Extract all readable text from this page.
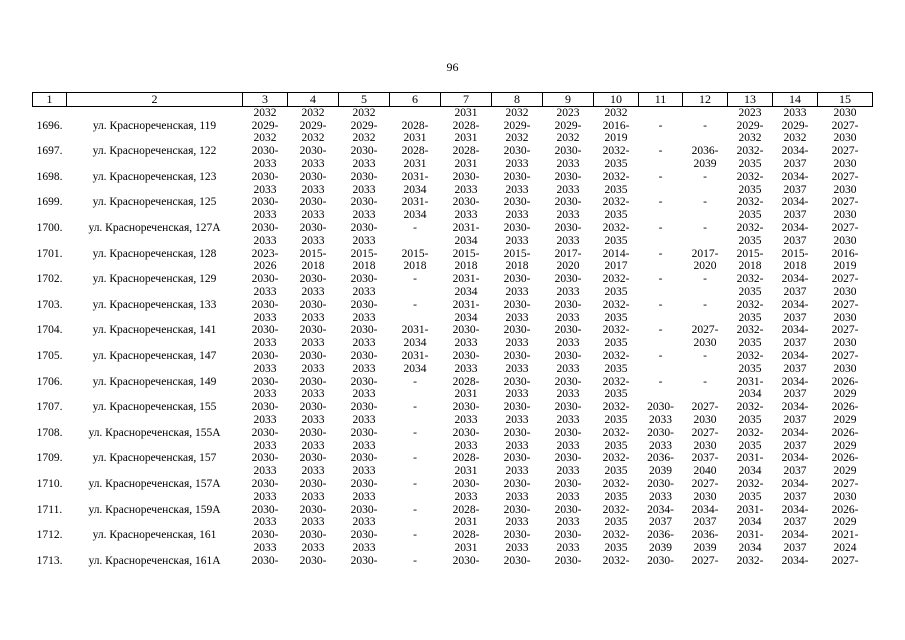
96
1	2	3	4	5	6	7	8	9	10	11	12	13	14	15
		2032	2032	2032		2031	2032	2023	2032			2023	2033	2030
1696.	ул. Краснореченская, 119	2029-	2029-	2029-	2028-	2028-	2029-	2029-	2016-	-	-	2029-	2029-	2027-
		2032	2032	2032	2031	2031	2032	2032	2019			2032	2032	2030
1697.	ул. Краснореченская, 122	2030-	2030-	2030-	2028-	2028-	2030-	2030-	2032-	-	2036-	2032-	2034-	2027-
		2033	2033	2033	2031	2031	2033	2033	2035		2039	2035	2037	2030
1698.	ул. Краснореченская, 123	2030-	2030-	2030-	2031-	2030-	2030-	2030-	2032-	-	-	2032-	2034-	2027-
		2033	2033	2033	2034	2033	2033	2033	2035			2035	2037	2030
1699.	ул. Краснореченская, 125	2030-	2030-	2030-	2031-	2030-	2030-	2030-	2032-	-	-	2032-	2034-	2027-
		2033	2033	2033	2034	2033	2033	2033	2035			2035	2037	2030
1700.	ул. Краснореченская, 127А	2030-	2030-	2030-	-	2031-	2030-	2030-	2032-	-	-	2032-	2034-	2027-
		2033	2033	2033		2034	2033	2033	2035			2035	2037	2030
1701.	ул. Краснореченская, 128	2023-	2015-	2015-	2015-	2015-	2015-	2017-	2014-	-	2017-	2015-	2015-	2016-
		2026	2018	2018	2018	2018	2018	2020	2017		2020	2018	2018	2019
1702.	ул. Краснореченская, 129	2030-	2030-	2030-	-	2031-	2030-	2030-	2032-	-	-	2032-	2034-	2027-
		2033	2033	2033		2034	2033	2033	2035			2035	2037	2030
1703.	ул. Краснореченская, 133	2030-	2030-	2030-	-	2031-	2030-	2030-	2032-	-	-	2032-	2034-	2027-
		2033	2033	2033		2034	2033	2033	2035			2035	2037	2030
1704.	ул. Краснореченская, 141	2030-	2030-	2030-	2031-	2030-	2030-	2030-	2032-	-	2027-	2032-	2034-	2027-
		2033	2033	2033	2034	2033	2033	2033	2035		2030	2035	2037	2030
1705.	ул. Краснореченская, 147	2030-	2030-	2030-	2031-	2030-	2030-	2030-	2032-	-	-	2032-	2034-	2027-
		2033	2033	2033	2034	2033	2033	2033	2035			2035	2037	2030
1706.	ул. Краснореченская, 149	2030-	2030-	2030-	-	2028-	2030-	2030-	2032-	-	-	2031-	2034-	2026-
		2033	2033	2033		2031	2033	2033	2035			2034	2037	2029
1707.	ул. Краснореченская, 155	2030-	2030-	2030-	-	2030-	2030-	2030-	2032-	2030-	2027-	2032-	2034-	2026-
		2033	2033	2033		2033	2033	2033	2035	2033	2030	2035	2037	2029
1708.	ул. Краснореченская, 155А	2030-	2030-	2030-	-	2030-	2030-	2030-	2032-	2030-	2027-	2032-	2034-	2026-
		2033	2033	2033		2033	2033	2033	2035	2033	2030	2035	2037	2029
1709.	ул. Краснореченская, 157	2030-	2030-	2030-	-	2028-	2030-	2030-	2032-	2036-	2037-	2031-	2034-	2026-
		2033	2033	2033		2031	2033	2033	2035	2039	2040	2034	2037	2029
1710.	ул. Краснореченская, 157А	2030-	2030-	2030-	-	2030-	2030-	2030-	2032-	2030-	2027-	2032-	2034-	2027-
		2033	2033	2033		2033	2033	2033	2035	2033	2030	2035	2037	2030
1711.	ул. Краснореченская, 159А	2030-	2030-	2030-	-	2028-	2030-	2030-	2032-	2034-	2034-	2031-	2034-	2026-
		2033	2033	2033		2031	2033	2033	2035	2037	2037	2034	2037	2029
1712.	ул. Краснореченская, 161	2030-	2030-	2030-	-	2028-	2030-	2030-	2032-	2036-	2036-	2031-	2034-	2021-
		2033	2033	2033		2031	2033	2033	2035	2039	2039	2034	2037	2024
1713.	ул. Краснореченская, 161А	2030-	2030-	2030-	-	2030-	2030-	2030-	2032-	2030-	2027-	2032-	2034-	2027-
